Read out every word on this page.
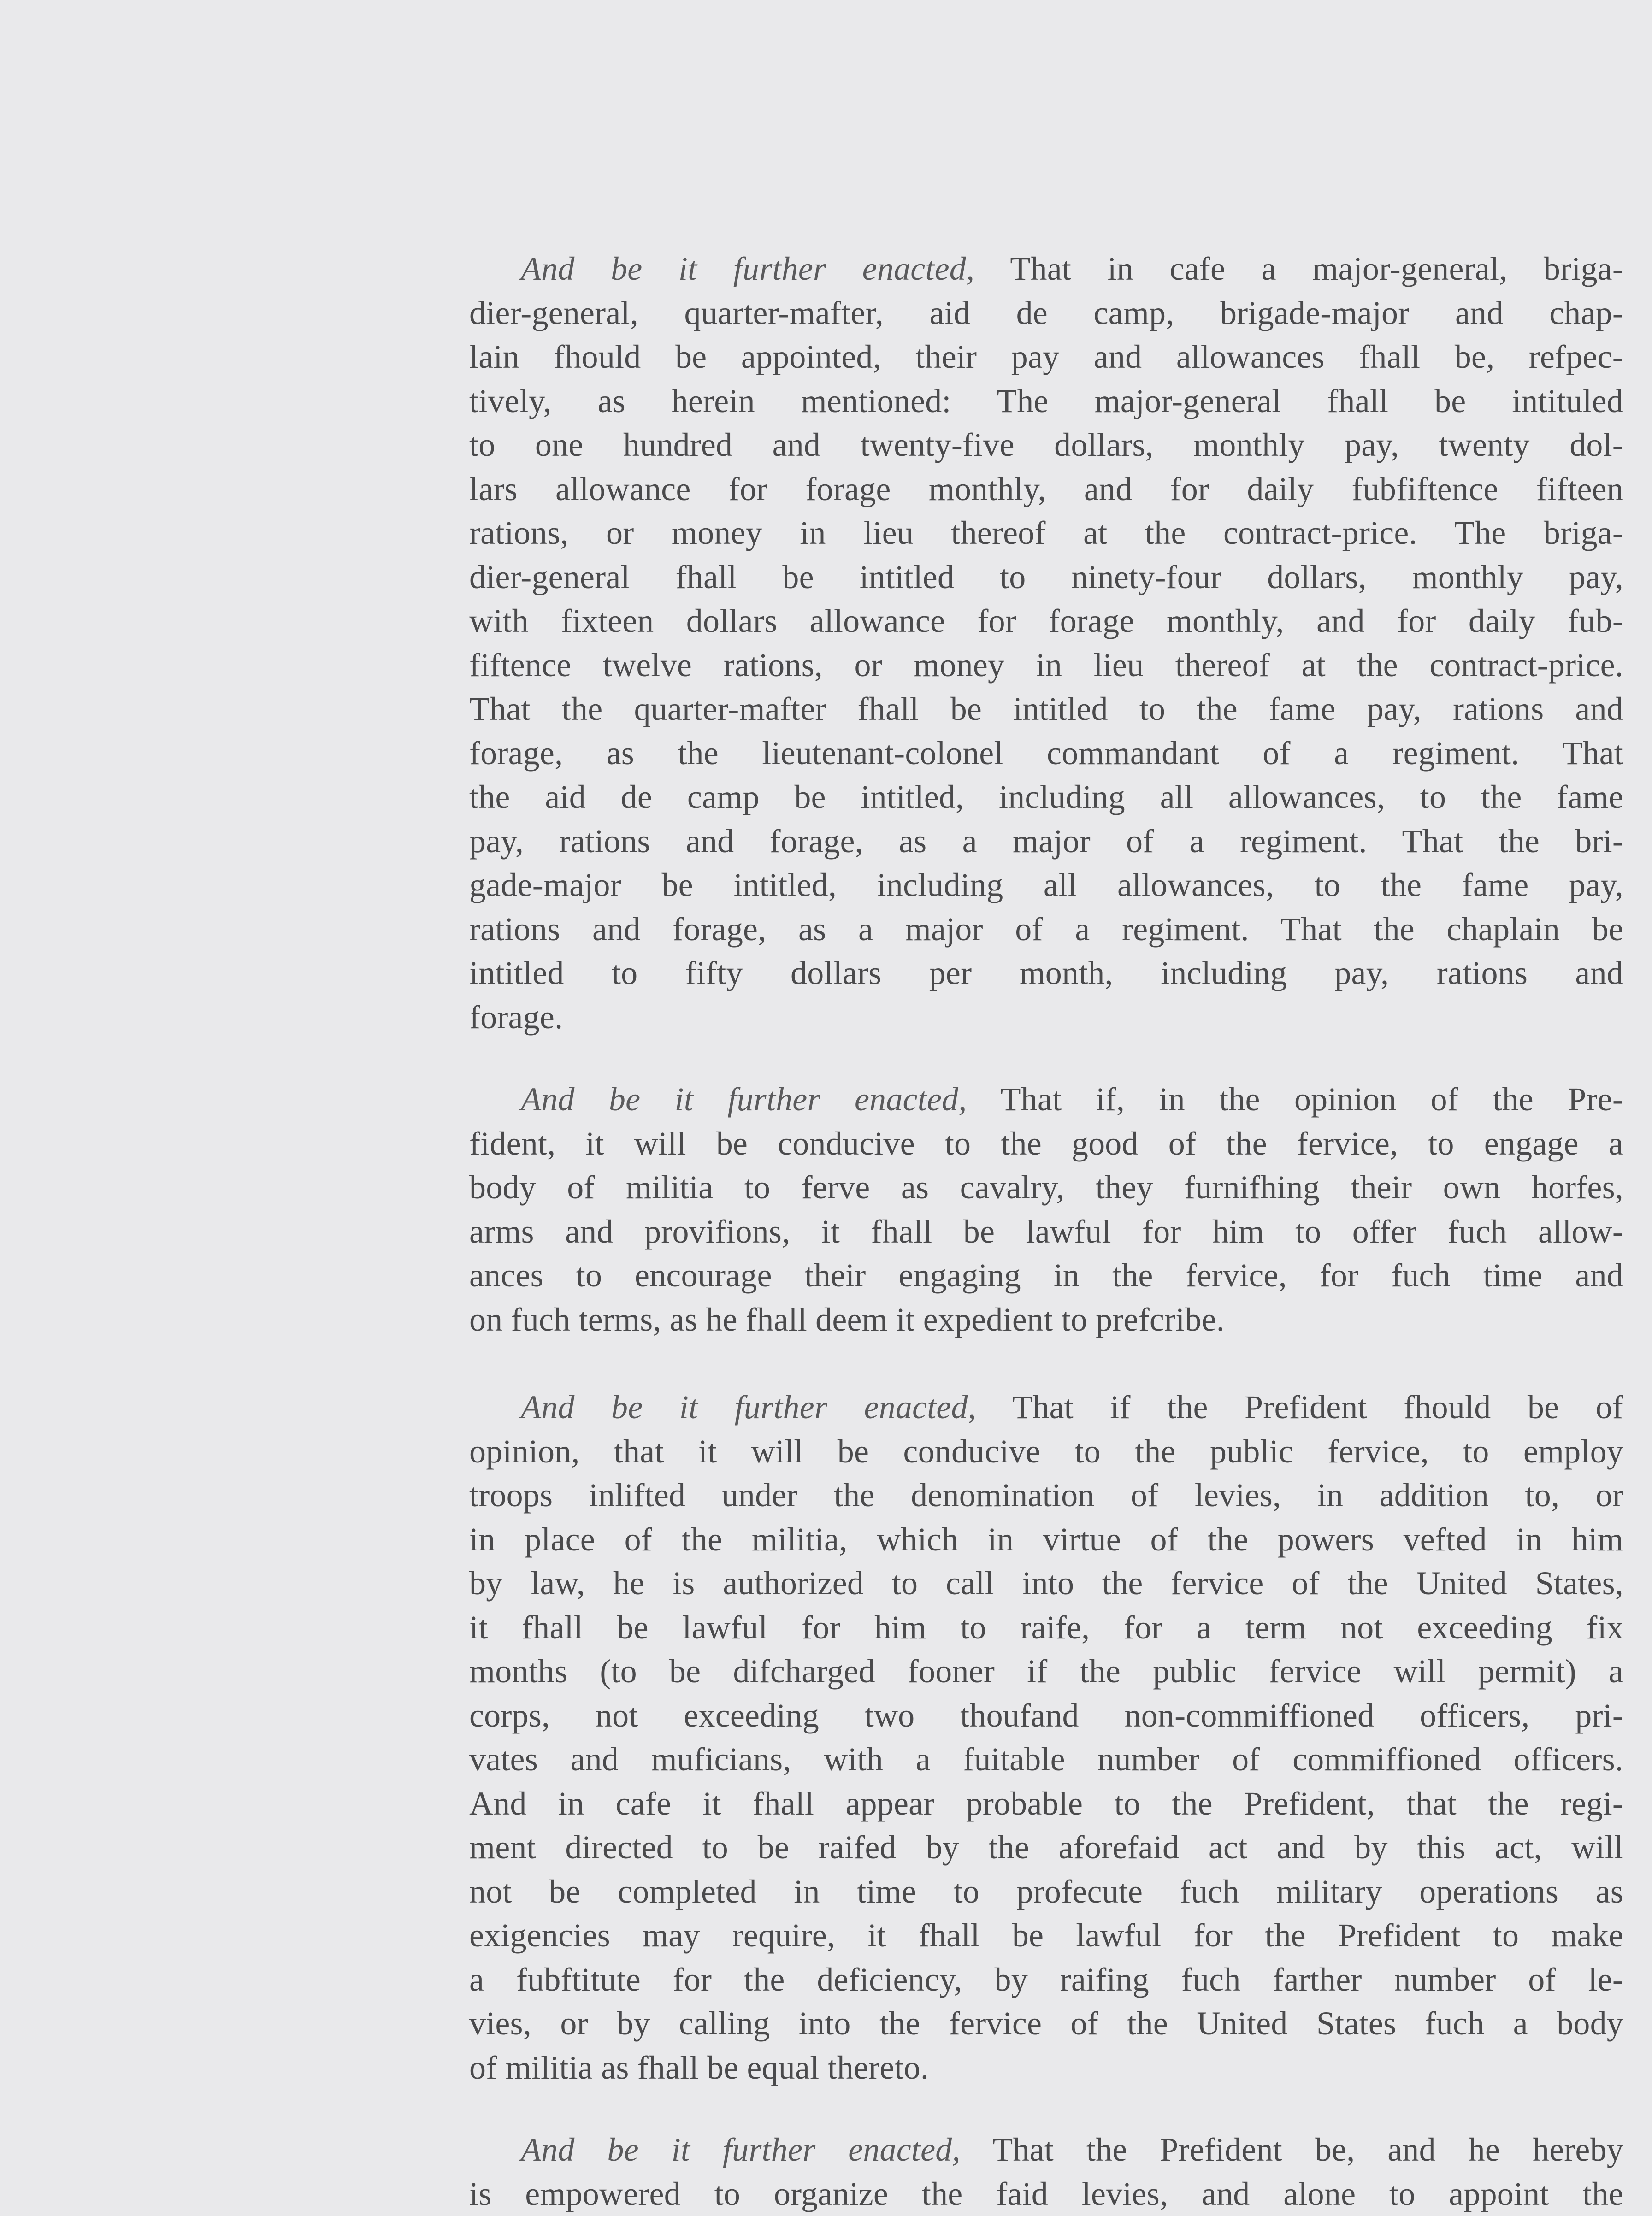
And be it further enacted, That in cafe a major-general, briga-
dier-general, quarter-mafter, aid de camp, brigade-major and chap-
lain fhould be appointed, their pay and allowances fhall be, refpec-
tively, as herein mentioned: The major-general fhall be intituled
to one hundred and twenty-five dollars, monthly pay, twenty dol-
lars allowance for forage monthly, and for daily fubfiftence fifteen
rations, or money in lieu thereof at the contract-price. The briga-
dier-general fhall be intitled to ninety-four dollars, monthly pay,
with fixteen dollars allowance for forage monthly, and for daily fub-
fiftence twelve rations, or money in lieu thereof at the contract-price.
That the quarter-mafter fhall be intitled to the fame pay, rations and
forage, as the lieutenant-colonel commandant of a regiment. That
the aid de camp be intitled, including all allowances, to the fame
pay, rations and forage, as a major of a regiment. That the bri-
gade-major be intitled, including all allowances, to the fame pay,
rations and forage, as a major of a regiment. That the chaplain be
intitled to fifty dollars per month, including pay, rations and
forage.
And be it further enacted, That if, in the opinion of the Pre-
fident, it will be conducive to the good of the fervice, to engage a
body of militia to ferve as cavalry, they furnifhing their own horfes,
arms and provifions, it fhall be lawful for him to offer fuch allow-
ances to encourage their engaging in the fervice, for fuch time and
on fuch terms, as he fhall deem it expedient to prefcribe.
And be it further enacted, That if the Prefident fhould be of
opinion, that it will be conducive to the public fervice, to employ
troops inlifted under the denomination of levies, in addition to, or
in place of the militia, which in virtue of the powers vefted in him
by law, he is authorized to call into the fervice of the United States,
it fhall be lawful for him to raife, for a term not exceeding fix
months (to be difcharged fooner if the public fervice will permit) a
corps, not exceeding two thoufand non-commiffioned officers, pri-
vates and muficians, with a fuitable number of commiffioned officers.
And in cafe it fhall appear probable to the Prefident, that the regi-
ment directed to be raifed by the aforefaid act and by this act, will
not be completed in time to profecute fuch military operations as
exigencies may require, it fhall be lawful for the Prefident to make
a fubftitute for the deficiency, by raifing fuch farther number of le-
vies, or by calling into the fervice of the United States fuch a body
of militia as fhall be equal thereto.
And be it further enacted, That the Prefident be, and he hereby
is empowered to organize the faid levies, and alone to appoint the
